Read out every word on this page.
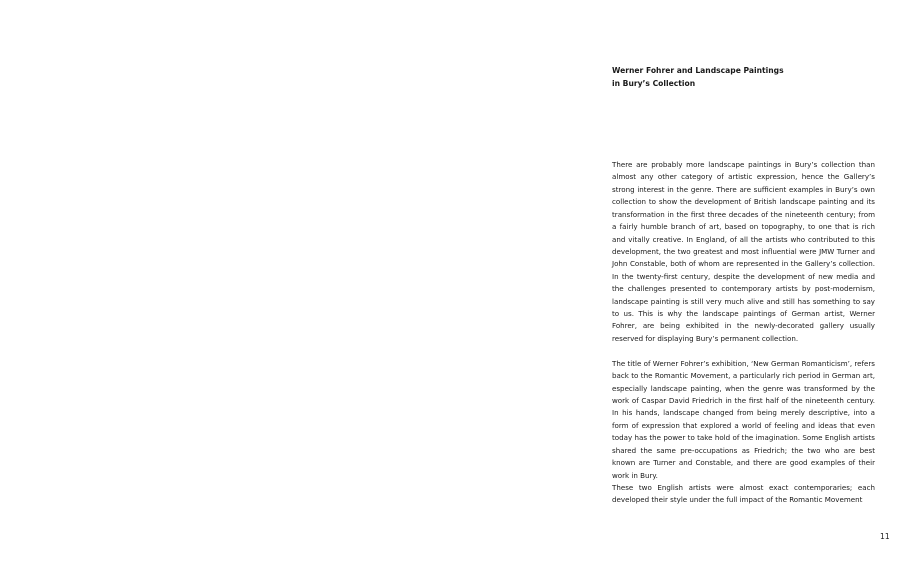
Werner Fohrer and Landscape Paintings
in Bury’s Collection

There are probably more landscape paintings in Bury’s collection than almost any other category of artistic expression, hence the Gallery’s strong interest in the genre. There are sufficient examples in Bury’s own collection to show the development of British landscape painting and its transformation in the first three decades of the nineteenth century; from a fairly humble branch of art, based on topography, to one that is rich and vitally creative. In England, of all the artists who contributed to this development, the two greatest and most influential were JMW Turner and John Constable, both of whom are represented in the Gallery’s collection. In the twenty-first century, despite the development of new media and the challenges presented to contemporary artists by post-modernism, landscape painting is still very much alive and still has something to say to us. This is why the landscape paintings of German artist, Werner Fohrer, are being exhibited in the newly-decorated gallery usually reserved for displaying Bury’s permanent collection.

The title of Werner Fohrer’s exhibition, ‘New German Romanticism’, refers back to the Romantic Movement, a particularly rich period in German art, especially landscape painting, when the genre was transformed by the work of Caspar David Friedrich in the first half of the nineteenth century. In his hands, landscape changed from being merely descriptive, into a form of expression that explored a world of feeling and ideas that even today has the power to take hold of the imagination. Some English artists shared the same pre-occupations as Friedrich; the two who are best known are Turner and Constable, and there are good examples of their work in Bury.

These two English artists were almost exact contemporaries; each developed their style under the full impact of the Romantic Movement

11
